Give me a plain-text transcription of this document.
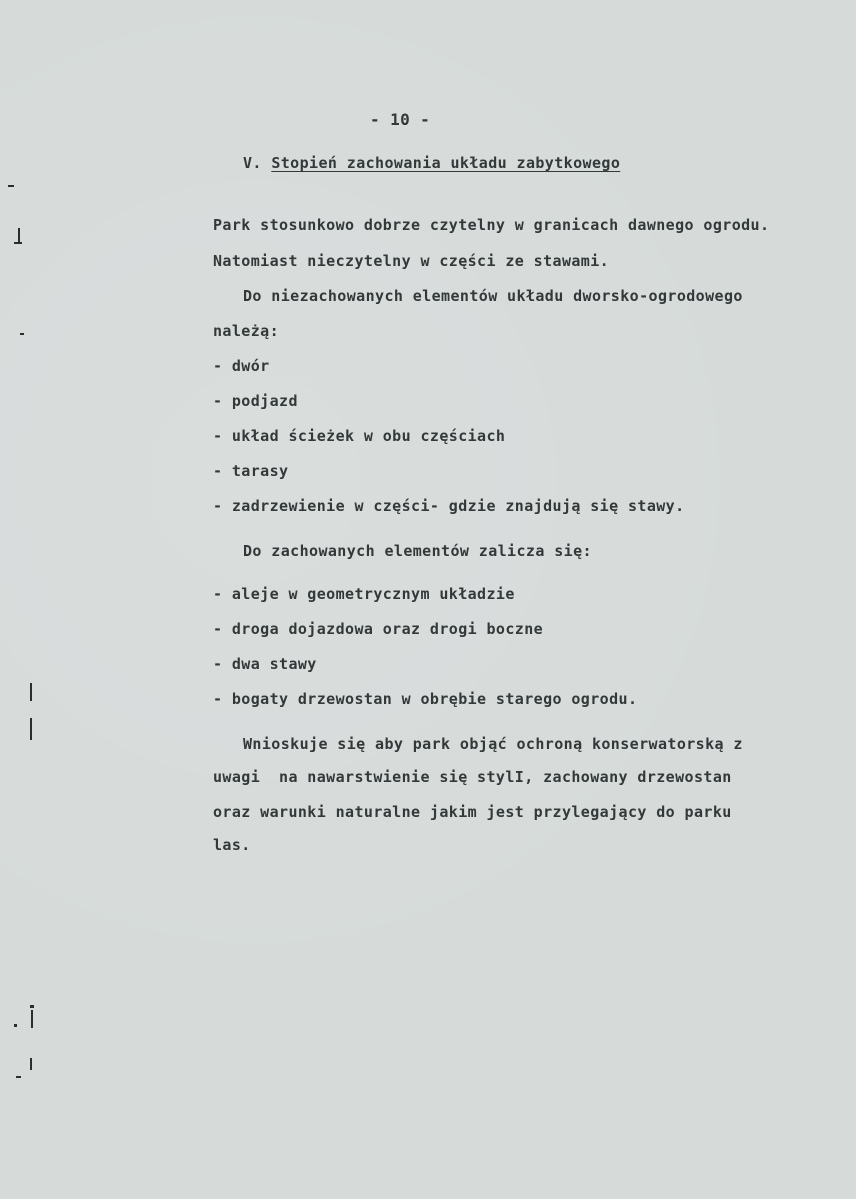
- 10 -
V. Stopień zachowania układu zabytkowego
Park stosunkowo dobrze czytelny w granicach dawnego ogrodu.
Natomiast nieczytelny w części ze stawami.
Do niezachowanych elementów układu dworsko-ogrodowego
należą:
- dwór
- podjazd
- układ ścieżek w obu częściach
- tarasy
- zadrzewienie w części- gdzie znajdują się stawy.
Do zachowanych elementów zalicza się:
- aleje w geometrycznym układzie
- droga dojazdowa oraz drogi boczne
- dwa stawy
- bogaty drzewostan w obrębie starego ogrodu.
Wnioskuje się aby park objąć ochroną konserwatorską z
uwagi  na nawarstwienie się stylI, zachowany drzewostan
oraz warunki naturalne jakim jest przylegający do parku
las.
